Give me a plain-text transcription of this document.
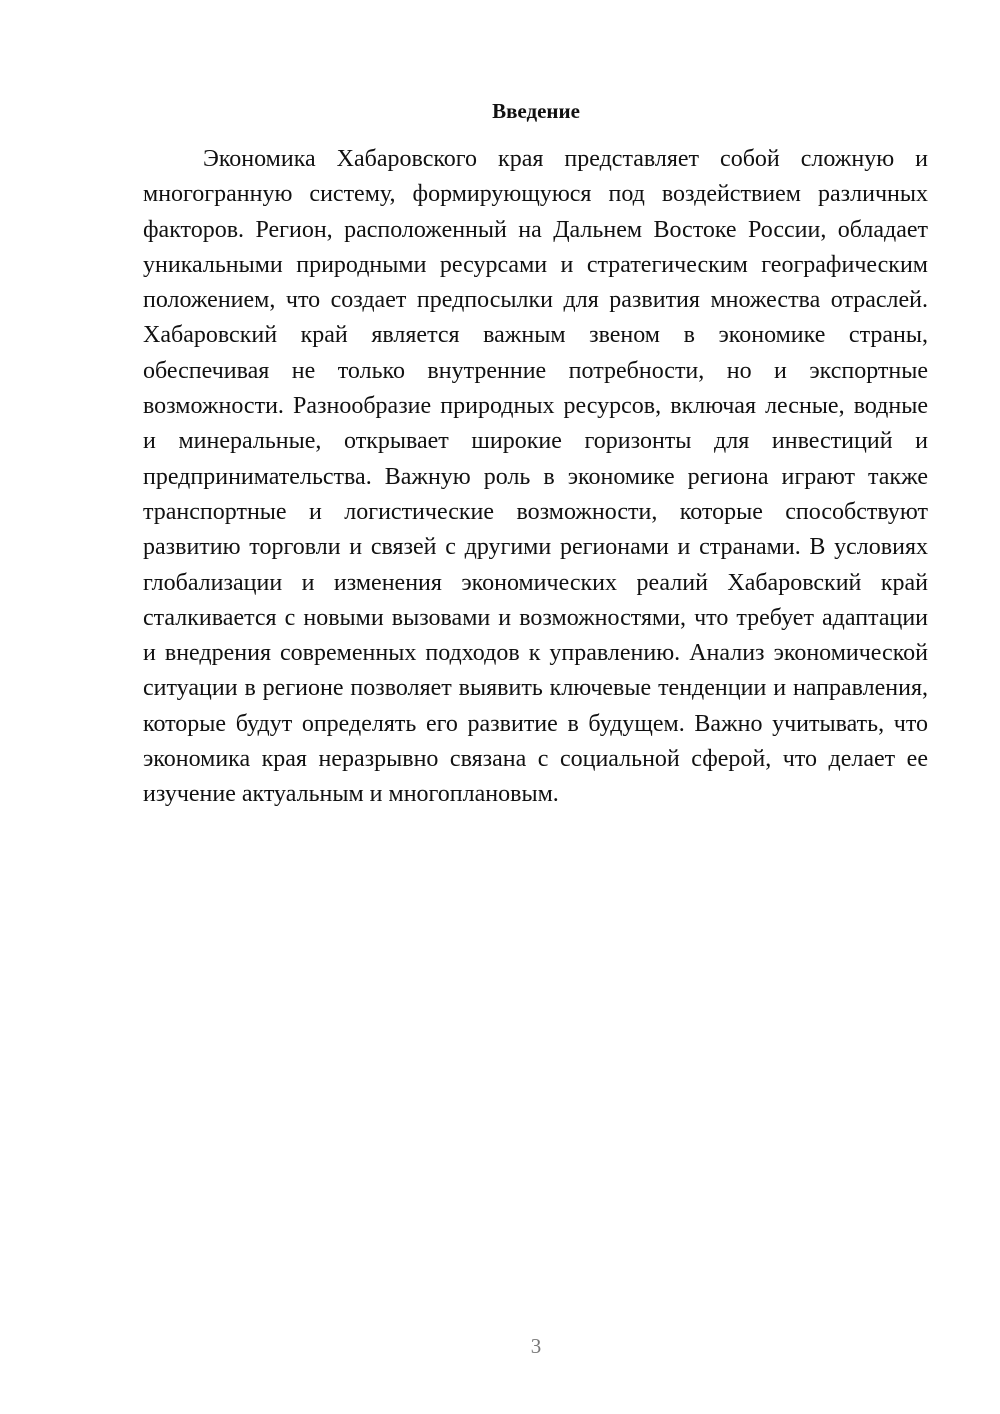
Введение

Экономика Хабаровского края представляет собой сложную и многогранную систему, формирующуюся под воздействием различных факторов. Регион, расположенный на Дальнем Востоке России, обладает уникальными природными ресурсами и стратегическим географическим положением, что создает предпосылки для развития множества отраслей. Хабаровский край является важным звеном в экономике страны, обеспечивая не только внутренние потребности, но и экспортные возможности. Разнообразие природных ресурсов, включая лесные, водные и минеральные, открывает широкие горизонты для инвестиций и предпринимательства. Важную роль в экономике региона играют также транспортные и логистические возможности, которые способствуют развитию торговли и связей с другими регионами и странами. В условиях глобализации и изменения экономических реалий Хабаровский край сталкивается с новыми вызовами и возможностями, что требует адаптации и внедрения современных подходов к управлению. Анализ экономической ситуации в регионе позволяет выявить ключевые тенденции и направления, которые будут определять его развитие в будущем. Важно учитывать, что экономика края неразрывно связана с социальной сферой, что делает ее изучение актуальным и многоплановым.

3
